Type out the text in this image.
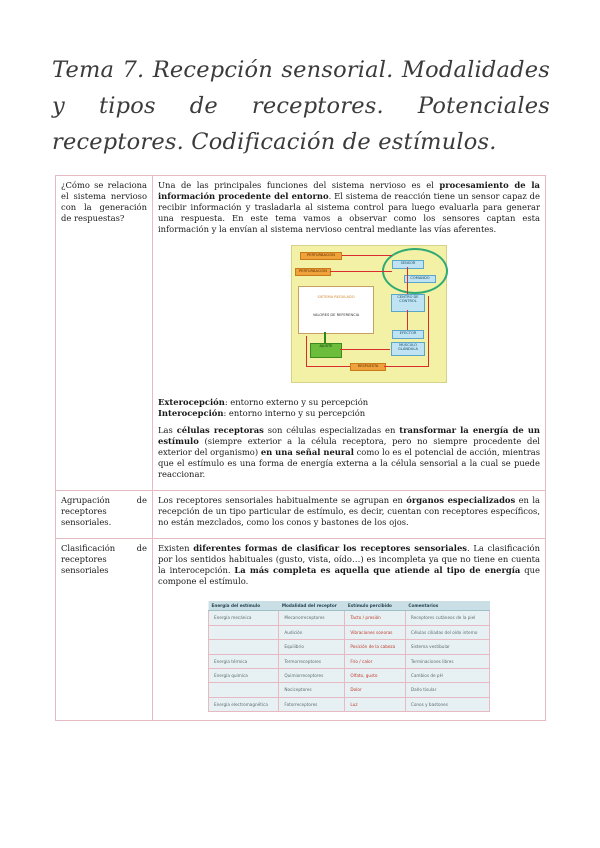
Tema 7. Recepción sensorial. Modalidades y tipos de receptores. Potenciales receptores. Codificación de estímulos.
¿Cómo se relaciona el sistema nervioso con la generación de respuestas?

Una de las principales funciones del sistema nervioso es el procesamiento de la información procedente del entorno. El sistema de reacción tiene un sensor capaz de recibir información y trasladarla al sistema control para luego evaluarla para generar una respuesta. En este tema vamos a observar como los sensores captan esta información y la envían al sistema nervioso central mediante las vías aferentes.

PERTURBACIÓN
PERTURBACIÓN
SENSOR
COMANDO
CENTRO DE CONTROL
EFECTOR
MÚSCULO GLÁNDULA
SISTEMA REGULADO
VALORES DE REFERENCIA
AJUSTE
RESPUESTA

Exterocepción: entorno externo y su percepción
Interocepción: entorno interno y su percepción

Las células receptoras son células especializadas en transformar la energía de un estímulo (siempre exterior a la célula receptora, pero no siempre procedente del exterior del organismo) en una señal neural como lo es el potencial de acción, mientras que el estímulo es una forma de energía externa a la célula sensorial a la cual se puede reaccionar.

Agrupación de receptores sensoriales.

Los receptores sensoriales habitualmente se agrupan en órganos especializados en la recepción de un tipo particular de estímulo, es decir, cuentan con receptores específicos, no están mezclados, como los conos y bastones de los ojos.

Clasificación de receptores sensoriales

Existen diferentes formas de clasificar los receptores sensoriales. La clasificación por los sentidos habituales (gusto, vista, oído…) es incompleta ya que no tiene en cuenta la interocepción. La más completa es aquella que atiende al tipo de energía que compone el estímulo.

Energía del estímulo	Modalidad del receptor	Estímulo percibido	Comentarios
Energía mecánica	Mecanorreceptores	Tacto / presión	Receptores cutáneos de la piel
	Audición	Vibraciones sonoras	Células ciliadas del oído interno
	Equilibrio	Posición de la cabeza	Sistema vestibular
Energía térmica	Termorreceptores	Frío / calor	Terminaciones libres
Energía química	Quimiorreceptores	Olfato, gusto	Cambios de pH
	Nociceptores	Dolor	Daño tisular
Energía electromagnética	Fotorreceptores	Luz	Conos y bastones
